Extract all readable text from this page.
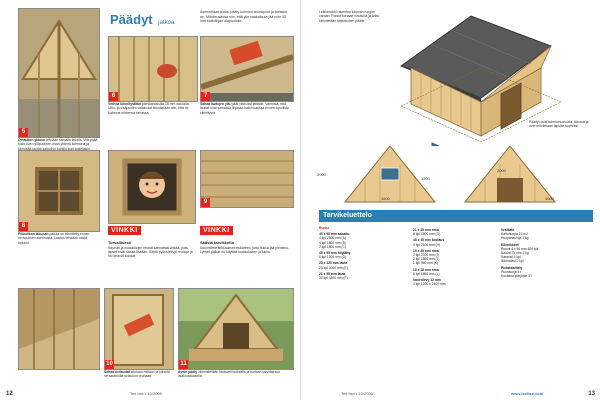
5
Oviaukon yläosa tehdään samalla tavalla. Voit pitää koko oven yläpuolisen osan yhtenä kolmiona ja kiinnittää laudat samoihin kohtiin kuin toisellakin
Päädyt jatkoa
Asennetaan aluksi pääty-kolmion reunapuut ja tuetaan ne. Mitoita alaosa niin, että ylin vaakalauta jää noin 30 mm kattolinjan alapuolelle.
6	7
Verhoa kiinnitystään pienikantaisilla 35 mm nauloilla. Ulko- ja sisäpuolen välilaudat kiinnitetään niin, että ne kulkevat toistensa lomassa.
Sahaa lautojen ylä- päät viistoiksi lattialle. Varmista, että laudat ovat samassa linjassa katon kanssa ennen lopullista kiinnitystä.
8
Pikkulikan ikkunan paikka on kiinnitetty ennen verhouksen asennusta. Lasitus tehdään vasta lopuksi.
9
VINKKI
Turvallisesti
Ikkunan ja oviaukkojen reunat kannattaa viistää, jotta lapset eivät satuta itseään. Käytä pyöristettyjä reunoja ja hio terävät kohdat.
VINKKI
Säästä tarvikkeita
Suunnittele leikkaukset etukäteen, jotta hukka jää pieneksi. Lyhyet pätkät voi käyttää koolaukseen ja tukiin.
10	11
Sahaa ovilaudat oikeaan mittaan ja kiinnitä ne saranoilla oviaukon reunaan.
Avoin pääty viimeistellään lautaverhouksella ja tuetaan tarvittaessa lisäkoolauksella.
12	Tee itse • 10/2005
Leikkimökki rakentuu tukevan rungon varaan. Runko tuetaan vinotuilla ja katto kiinnitetään kattotuolien päälle.
Päädyt ovat kolmiomuotoisia. Ikkunat ja ovet mitoitetaan lapsille sopiviksi.
2000
1600
2000
1500
1000
Tarvikeluettelo
Runko
45 x 95 mm sahattu
4 kpl 2000 mm (A)
4 kpl 1800 mm (B)
2 kpl 1600 mm (C)
45 x 95 mm höylätty
6 kpl 1200 mm (D)
28 x 120 mm lauta
20 kpl 2000 mm (E)
21 x 95 mm lauta
30 kpl 1800 mm (F)
21 x 45 mm rima
8 kpl 1900 mm (G)
45 x 45 mm koolaus
4 kpl 2100 mm (H)
15 x 45 mm rima
2 kpl 2700 mm (I)
2 kpl 1850 mm (J)
1 kpl 960 mm (K)
15 x 15 mm rima
6 kpl 1860 mm (L)
Vanerilevy 12 mm
4 kpl 1200 x 2400 mm
Vesikate
Kattohuopa 15 m2
Huopanauloja 1 kg
Kiinnikkeet
Ruuvit 4 x 50 mm 500 kpl
Naulat 75 mm 1 kg
Saranat 4 kpl
Ikkunalasi 2 kpl
Pintakäsittely
Puunsuoja 5 l
Kuultava pohjuste 3 l
Tee itse • 10/2005	www.teeitse.com	13
